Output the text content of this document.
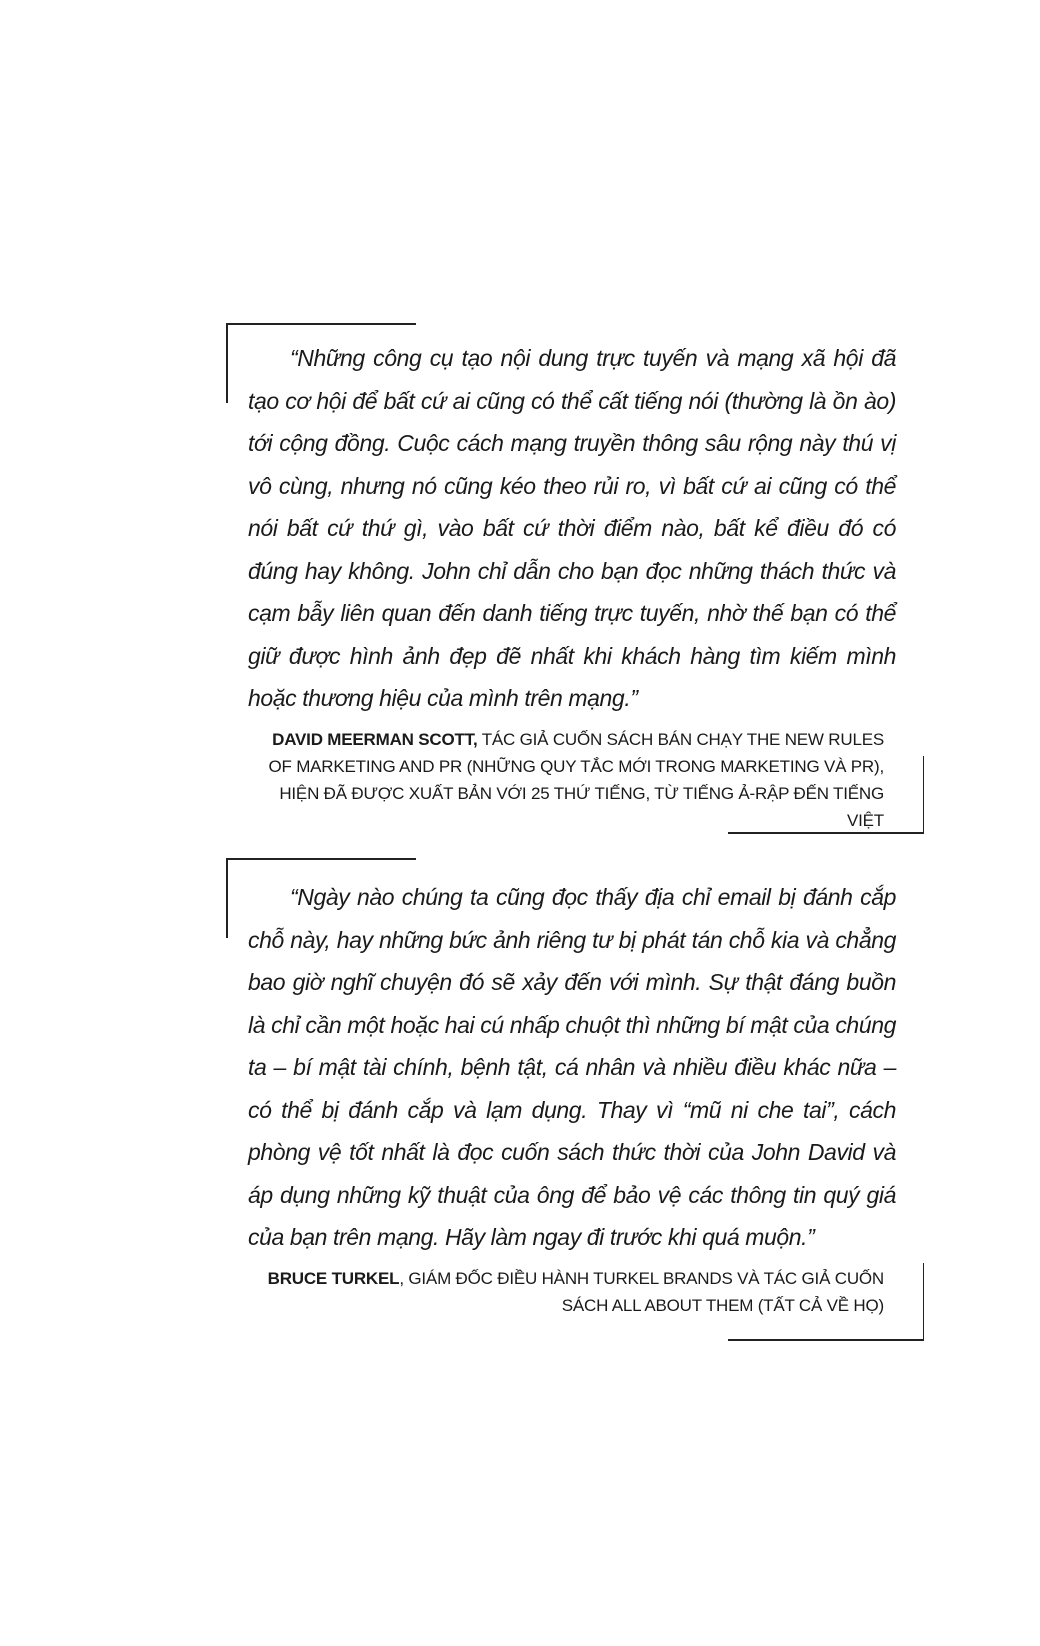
“Những công cụ tạo nội dung trực tuyến và mạng xã hội đã tạo cơ hội để bất cứ ai cũng có thể cất tiếng nói (thường là ồn ào) tới cộng đồng. Cuộc cách mạng truyền thông sâu rộng này thú vị vô cùng, nhưng nó cũng kéo theo rủi ro, vì bất cứ ai cũng có thể nói bất cứ thứ gì, vào bất cứ thời điểm nào, bất kể điều đó có đúng hay không. John chỉ dẫn cho bạn đọc những thách thức và cạm bẫy liên quan đến danh tiếng trực tuyến, nhờ thế bạn có thể giữ được hình ảnh đẹp đẽ nhất khi khách hàng tìm kiếm mình hoặc thương hiệu của mình trên mạng.”

DAVID MEERMAN SCOTT, TÁC GIẢ CUỐN SÁCH BÁN CHẠY THE NEW RULES OF MARKETING AND PR (NHỮNG QUY TẮC MỚI TRONG MARKETING VÀ PR), HIỆN ĐÃ ĐƯỢC XUẤT BẢN VỚI 25 THỨ TIẾNG, TỪ TIẾNG Ả-RẬP ĐẾN TIẾNG VIỆT

“Ngày nào chúng ta cũng đọc thấy địa chỉ email bị đánh cắp chỗ này, hay những bức ảnh riêng tư bị phát tán chỗ kia và chẳng bao giờ nghĩ chuyện đó sẽ xảy đến với mình. Sự thật đáng buồn là chỉ cần một hoặc hai cú nhấp chuột thì những bí mật của chúng ta – bí mật tài chính, bệnh tật, cá nhân và nhiều điều khác nữa – có thể bị đánh cắp và lạm dụng. Thay vì “mũ ni che tai”, cách phòng vệ tốt nhất là đọc cuốn sách thức thời của John David và áp dụng những kỹ thuật của ông để bảo vệ các thông tin quý giá của bạn trên mạng. Hãy làm ngay đi trước khi quá muộn.”

BRUCE TURKEL, GIÁM ĐỐC ĐIỀU HÀNH TURKEL BRANDS VÀ TÁC GIẢ CUỐN SÁCH ALL ABOUT THEM (TẤT CẢ VỀ HỌ)
